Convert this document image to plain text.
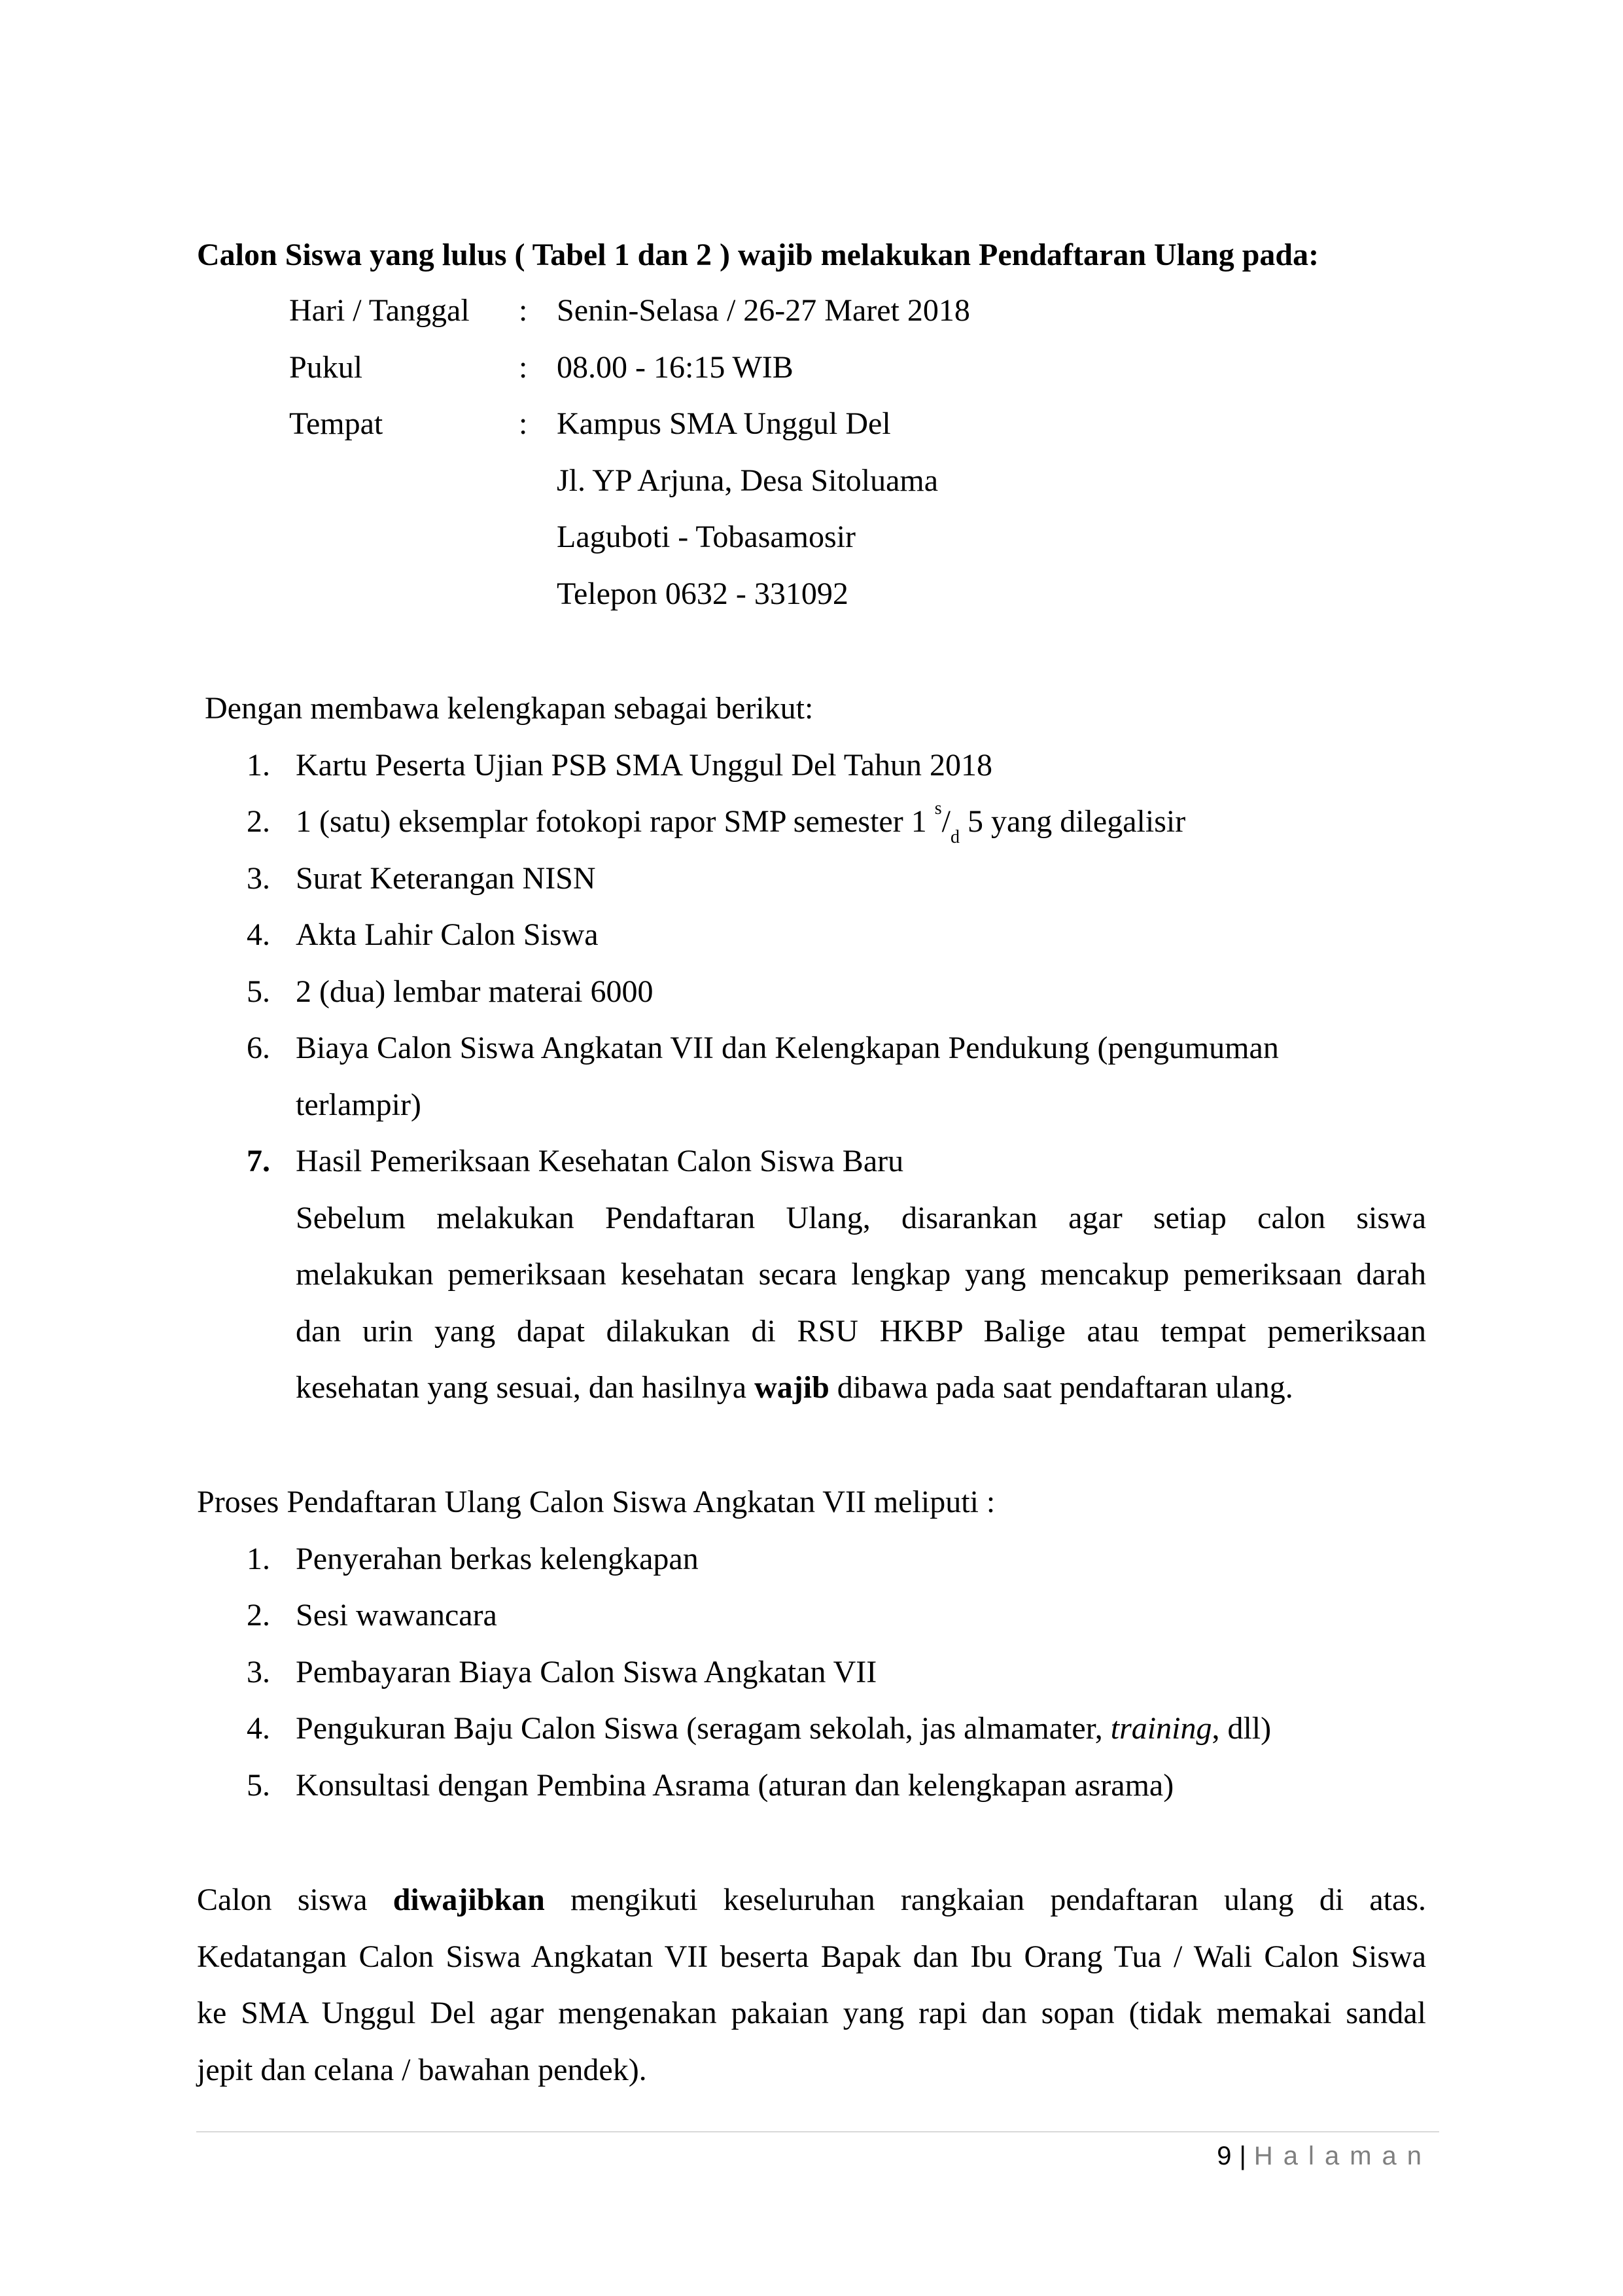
Calon Siswa yang lulus ( Tabel 1 dan 2 ) wajib melakukan Pendaftaran Ulang pada:
Hari / Tanggal : Senin-Selasa / 26-27 Maret 2018
Pukul	: 08.00 - 16:15 WIB
Tempat	: Kampus SMA Unggul Del
Jl. YP Arjuna, Desa Sitoluama
Laguboti - Tobasamosir
Telepon 0632 - 331092
Dengan membawa kelengkapan sebagai berikut:
1. Kartu Peserta Ujian PSB SMA Unggul Del Tahun 2018
2. 1 (satu) eksemplar fotokopi rapor SMP semester 1 $^s/_d$ 5 yang dilegalisir
3. Surat Keterangan NISN
4. Akta Lahir Calon Siswa
5. 2 (dua) lembar materai 6000
6. Biaya Calon Siswa Angkatan VII dan Kelengkapan Pendukung (pengumuman
terlampir)
7. Hasil Pemeriksaan Kesehatan Calon Siswa Baru
Sebelum melakukan Pendaftaran Ulang, disarankan agar setiap calon siswa
melakukan pemeriksaan kesehatan secara lengkap yang mencakup pemeriksaan darah
dan urin yang dapat dilakukan di RSU HKBP Balige atau tempat pemeriksaan
kesehatan yang sesuai, dan hasilnya wajib dibawa pada saat pendaftaran ulang.
Proses Pendaftaran Ulang Calon Siswa Angkatan VII meliputi :
1. Penyerahan berkas kelengkapan
2. Sesi wawancara
3. Pembayaran Biaya Calon Siswa Angkatan VII
4. Pengukuran Baju Calon Siswa (seragam sekolah, jas almamater, training, dll)
5. Konsultasi dengan Pembina Asrama (aturan dan kelengkapan asrama)
Calon siswa diwajibkan mengikuti keseluruhan rangkaian pendaftaran ulang di atas.
Kedatangan Calon Siswa Angkatan VII beserta Bapak dan Ibu Orang Tua / Wali Calon Siswa
ke SMA Unggul Del agar mengenakan pakaian yang rapi dan sopan (tidak memakai sandal
jepit dan celana / bawahan pendek).
9 | Halaman
